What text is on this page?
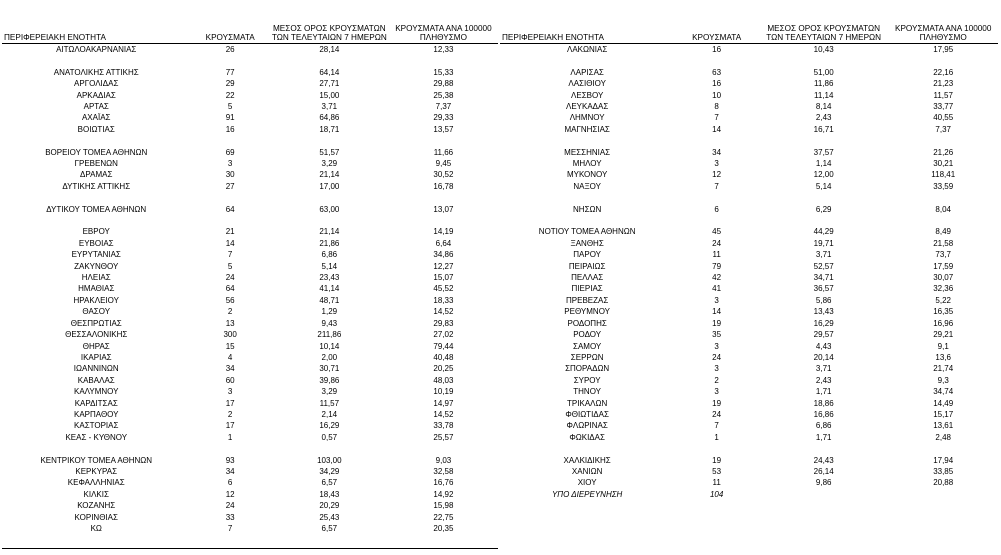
ΠΕΡΙΦΕΡΕΙΑΚΗ ΕΝΟΤΗΤΑ	ΚΡΟΥΣΜΑΤΑ	ΜΕΣΟΣ ΟΡΟΣ ΚΡΟΥΣΜΑΤΩΝ ΤΩΝ ΤΕΛΕΥΤΑΙΩΝ 7 ΗΜΕΡΩΝ	ΚΡΟΥΣΜΑΤΑ ΑΝΑ 100000 ΠΛΗΘΥΣΜΟ
ΑΙΤΩΛΟΑΚΑΡΝΑΝΙΑΣ	26	28,14	12,33

ΑΝΑΤΟΛΙΚΗΣ ΑΤΤΙΚΗΣ	77	64,14	15,33
ΑΡΓΟΛΙΔΑΣ	29	27,71	29,88
ΑΡΚΑΔΙΑΣ	22	15,00	25,38
ΑΡΤΑΣ	5	3,71	7,37
ΑΧΑΪΑΣ	91	64,86	29,33
ΒΟΙΩΤΙΑΣ	16	18,71	13,57

ΒΟΡΕΙΟΥ ΤΟΜΕΑ ΑΘΗΝΩΝ	69	51,57	11,66
ΓΡΕΒΕΝΩΝ	3	3,29	9,45
ΔΡΑΜΑΣ	30	21,14	30,52
ΔΥΤΙΚΗΣ ΑΤΤΙΚΗΣ	27	17,00	16,78

ΔΥΤΙΚΟΥ ΤΟΜΕΑ ΑΘΗΝΩΝ	64	63,00	13,07

ΕΒΡΟΥ	21	21,14	14,19
ΕΥΒΟΙΑΣ	14	21,86	6,64
ΕΥΡΥΤΑΝΙΑΣ	7	6,86	34,86
ΖΑΚΥΝΘΟΥ	5	5,14	12,27
ΗΛΕΙΑΣ	24	23,43	15,07
ΗΜΑΘΙΑΣ	64	41,14	45,52
ΗΡΑΚΛΕΙΟΥ	56	48,71	18,33
ΘΑΣΟΥ	2	1,29	14,52
ΘΕΣΠΡΩΤΙΑΣ	13	9,43	29,83
ΘΕΣΣΑΛΟΝΙΚΗΣ	300	211,86	27,02
ΘΗΡΑΣ	15	10,14	79,44
ΙΚΑΡΙΑΣ	4	2,00	40,48
ΙΩΑΝΝΙΝΩΝ	34	30,71	20,25
ΚΑΒΑΛΑΣ	60	39,86	48,03
ΚΑΛΥΜΝΟΥ	3	3,29	10,19
ΚΑΡΔΙΤΣΑΣ	17	11,57	14,97
ΚΑΡΠΑΘΟΥ	2	2,14	14,52
ΚΑΣΤΟΡΙΑΣ	17	16,29	33,78
ΚΕΑΣ - ΚΥΘΝΟΥ	1	0,57	25,57

ΚΕΝΤΡΙΚΟΥ ΤΟΜΕΑ ΑΘΗΝΩΝ	93	103,00	9,03
ΚΕΡΚΥΡΑΣ	34	34,29	32,58
ΚΕΦΑΛΛΗΝΙΑΣ	6	6,57	16,76
ΚΙΛΚΙΣ	12	18,43	14,92
ΚΟΖΑΝΗΣ	24	20,29	15,98
ΚΟΡΙΝΘΙΑΣ	33	25,43	22,75
ΚΩ	7	6,57	20,35
ΠΕΡΙΦΕΡΕΙΑΚΗ ΕΝΟΤΗΤΑ	ΚΡΟΥΣΜΑΤΑ	ΜΕΣΟΣ ΟΡΟΣ ΚΡΟΥΣΜΑΤΩΝ ΤΩΝ ΤΕΛΕΥΤΑΙΩΝ 7 ΗΜΕΡΩΝ	ΚΡΟΥΣΜΑΤΑ ΑΝΑ 100000 ΠΛΗΘΥΣΜΟ
ΛΑΚΩΝΙΑΣ	16	10,43	17,95

ΛΑΡΙΣΑΣ	63	51,00	22,16
ΛΑΣΙΘΙΟΥ	16	11,86	21,23
ΛΕΣΒΟΥ	10	11,14	11,57
ΛΕΥΚΑΔΑΣ	8	8,14	33,77
ΛΗΜΝΟΥ	7	2,43	40,55
ΜΑΓΝΗΣΙΑΣ	14	16,71	7,37

ΜΕΣΣΗΝΙΑΣ	34	37,57	21,26
ΜΗΛΟΥ	3	1,14	30,21
ΜΥΚΟΝΟΥ	12	12,00	118,41
ΝΑΞΟΥ	7	5,14	33,59

ΝΗΣΩΝ	6	6,29	8,04

ΝΟΤΙΟΥ ΤΟΜΕΑ ΑΘΗΝΩΝ	45	44,29	8,49
ΞΑΝΘΗΣ	24	19,71	21,58
ΠΑΡΟΥ	11	3,71	73,7
ΠΕΙΡΑΙΩΣ	79	52,57	17,59
ΠΕΛΛΑΣ	42	34,71	30,07
ΠΙΕΡΙΑΣ	41	36,57	32,36
ΠΡΕΒΕΖΑΣ	3	5,86	5,22
ΡΕΘΥΜΝΟΥ	14	13,43	16,35
ΡΟΔΟΠΗΣ	19	16,29	16,96
ΡΟΔΟΥ	35	29,57	29,21
ΣΑΜΟΥ	3	4,43	9,1
ΣΕΡΡΩΝ	24	20,14	13,6
ΣΠΟΡΑΔΩΝ	3	3,71	21,74
ΣΥΡΟΥ	2	2,43	9,3
ΤΗΝΟΥ	3	1,71	34,74
ΤΡΙΚΑΛΩΝ	19	18,86	14,49
ΦΘΙΩΤΙΔΑΣ	24	16,86	15,17
ΦΛΩΡΙΝΑΣ	7	6,86	13,61
ΦΩΚΙΔΑΣ	1	1,71	2,48

ΧΑΛΚΙΔΙΚΗΣ	19	24,43	17,94
ΧΑΝΙΩΝ	53	26,14	33,85
ΧΙΟΥ	11	9,86	20,88
ΥΠΟ ΔΙΕΡΕΥΝΗΣΗ	104		
